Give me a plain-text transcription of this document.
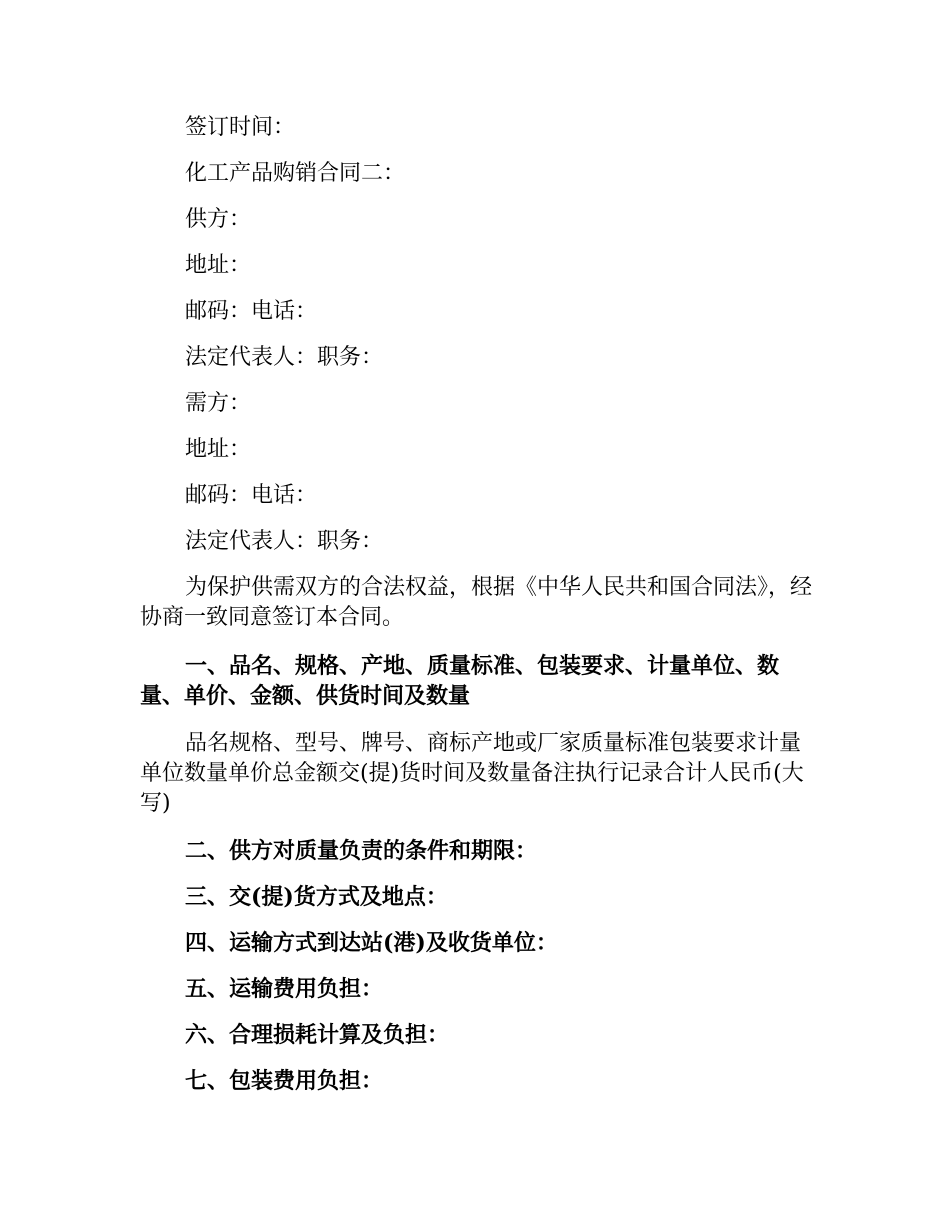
签订时间：
化工产品购销合同二：
供方：
地址：
邮码：电话：
法定代表人：职务：
需方：
地址：
邮码：电话：
法定代表人：职务：

为保护供需双方的合法权益，根据《中华人民共和国合同法》，经协商一致同意签订本合同。

一、品名、规格、产地、质量标准、包装要求、计量单位、数量、单价、金额、供货时间及数量

品名规格、型号、牌号、商标产地或厂家质量标准包装要求计量单位数量单价总金额交(提)货时间及数量备注执行记录合计人民币(大写)

二、供方对质量负责的条件和期限：
三、交(提)货方式及地点：
四、运输方式到达站(港)及收货单位：
五、运输费用负担：
六、合理损耗计算及负担：
七、包装费用负担：
